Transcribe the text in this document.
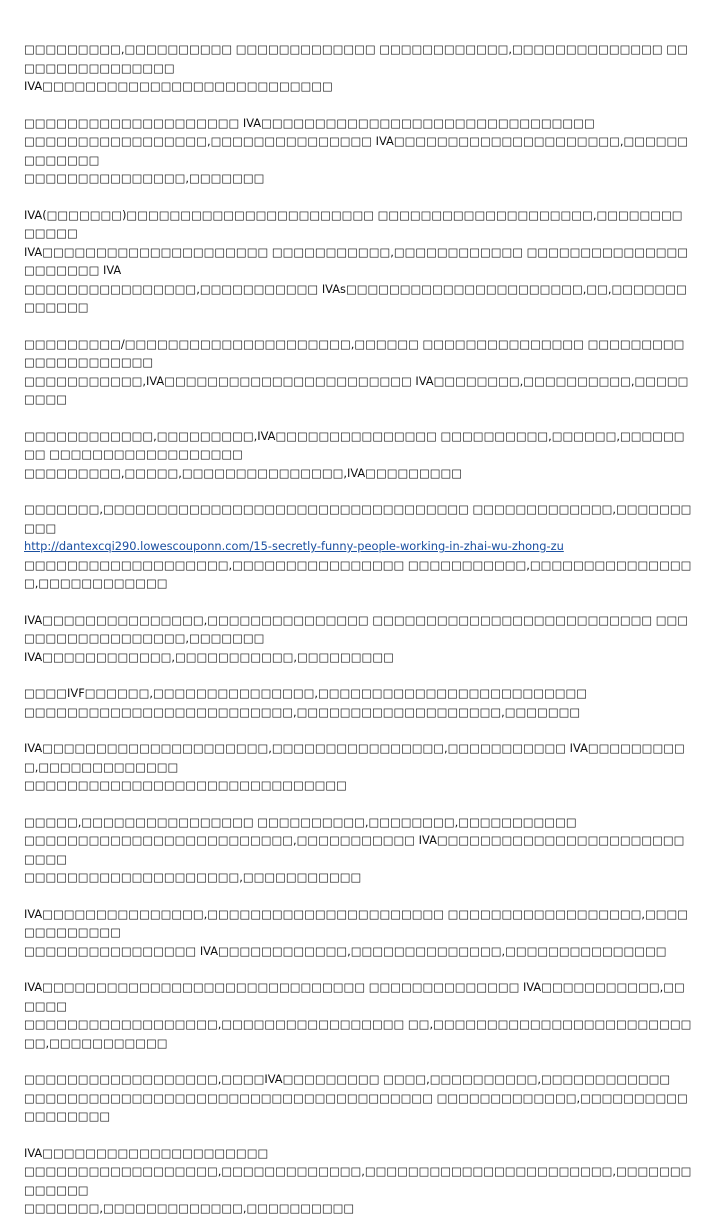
□□□□□□□□□,□□□□□□□□□□ □□□□□□□□□□□□□ □□□□□□□□□□□□,□□□□□□□□□□□□□□ □□□□□□□□□□□□□□□□
IVA□□□□□□□□□□□□□□□□□□□□□□□□□□□

□□□□□□□□□□□□□□□□□□□□ IVA□□□□□□□□□□□□□□□□□□□□□□□□□□□□□□□
□□□□□□□□□□□□□□□□□,□□□□□□□□□□□□□□□ IVA□□□□□□□□□□□□□□□□□□□□□,□□□□□□□□□□□□□
□□□□□□□□□□□□□□□,□□□□□□□

IVA(□□□□□□□)□□□□□□□□□□□□□□□□□□□□□□□ □□□□□□□□□□□□□□□□□□□□,□□□□□□□□□□□□□
IVA□□□□□□□□□□□□□□□□□□□□□ □□□□□□□□□□□,□□□□□□□□□□□□ □□□□□□□□□□□□□□□□□□□□□□ IVA
□□□□□□□□□□□□□□□□,□□□□□□□□□□□ IVAs□□□□□□□□□□□□□□□□□□□□□□,□□,□□□□□□□□□□□□□

□□□□□□□□□/□□□□□□□□□□□□□□□□□□□□□,□□□□□□ □□□□□□□□□□□□□□□ □□□□□□□□□□□□□□□□□□□□□
□□□□□□□□□□□,IVA□□□□□□□□□□□□□□□□□□□□□□□ IVA□□□□□□□□,□□□□□□□□□□,□□□□□□□□□

□□□□□□□□□□□□,□□□□□□□□□,IVA□□□□□□□□□□□□□□□ □□□□□□□□□□,□□□□□□,□□□□□□□□ □□□□□□□□□□□□□□□□□□
□□□□□□□□□,□□□□□,□□□□□□□□□□□□□□□,IVA□□□□□□□□□

□□□□□□□,□□□□□□□□□□□□□□□□□□□□□□□□□□□□□□□□□□ □□□□□□□□□□□□□,□□□□□□□□□□
http://dantexcqi290.lowescouponn.com/15-secretly-funny-people-working-in-zhai-wu-zhong-zu
□□□□□□□□□□□□□□□□□□□,□□□□□□□□□□□□□□□□ □□□□□□□□□□□,□□□□□□□□□□□□□□□□,□□□□□□□□□□□□

IVA□□□□□□□□□□□□□□□,□□□□□□□□□□□□□□□ □□□□□□□□□□□□□□□□□□□□□□□□□□ □□□□□□□□□□□□□□□□□□,□□□□□□□
IVA□□□□□□□□□□□□,□□□□□□□□□□□,□□□□□□□□□

□□□□IVF□□□□□□,□□□□□□□□□□□□□□□,□□□□□□□□□□□□□□□□□□□□□□□□□
□□□□□□□□□□□□□□□□□□□□□□□□□,□□□□□□□□□□□□□□□□□□□,□□□□□□□

IVA□□□□□□□□□□□□□□□□□□□□□,□□□□□□□□□□□□□□□□,□□□□□□□□□□□ IVA□□□□□□□□□□,□□□□□□□□□□□□□
□□□□□□□□□□□□□□□□□□□□□□□□□□□□□□

□□□□□,□□□□□□□□□□□□□□□□ □□□□□□□□□□,□□□□□□□□,□□□□□□□□□□□
□□□□□□□□□□□□□□□□□□□□□□□□□,□□□□□□□□□□□ IVA□□□□□□□□□□□□□□□□□□□□□□□□□□□
□□□□□□□□□□□□□□□□□□□□,□□□□□□□□□□□

IVA□□□□□□□□□□□□□□□,□□□□□□□□□□□□□□□□□□□□□□ □□□□□□□□□□□□□□□□□□,□□□□□□□□□□□□□
□□□□□□□□□□□□□□□□ IVA□□□□□□□□□□□□,□□□□□□□□□□□□□□,□□□□□□□□□□□□□□□

IVA□□□□□□□□□□□□□□□□□□□□□□□□□□□□□□ □□□□□□□□□□□□□□ IVA□□□□□□□□□□□,□□□□□□
□□□□□□□□□□□□□□□□□□,□□□□□□□□□□□□□□□□□ □□,□□□□□□□□□□□□□□□□□□□□□□□□□□,□□□□□□□□□□□

□□□□□□□□□□□□□□□□□□,□□□□IVA□□□□□□□□□ □□□□,□□□□□□□□□□,□□□□□□□□□□□□
□□□□□□□□□□□□□□□□□□□□□□□□□□□□□□□□□□□□□□ □□□□□□□□□□□□□,□□□□□□□□□□□□□□□□□□

IVA□□□□□□□□□□□□□□□□□□□□□
□□□□□□□□□□□□□□□□□□,□□□□□□□□□□□□□,□□□□□□□□□□□□□□□□□□□□□□□,□□□□□□□□□□□□□
□□□□□□□,□□□□□□□□□□□□□,□□□□□□□□□□
